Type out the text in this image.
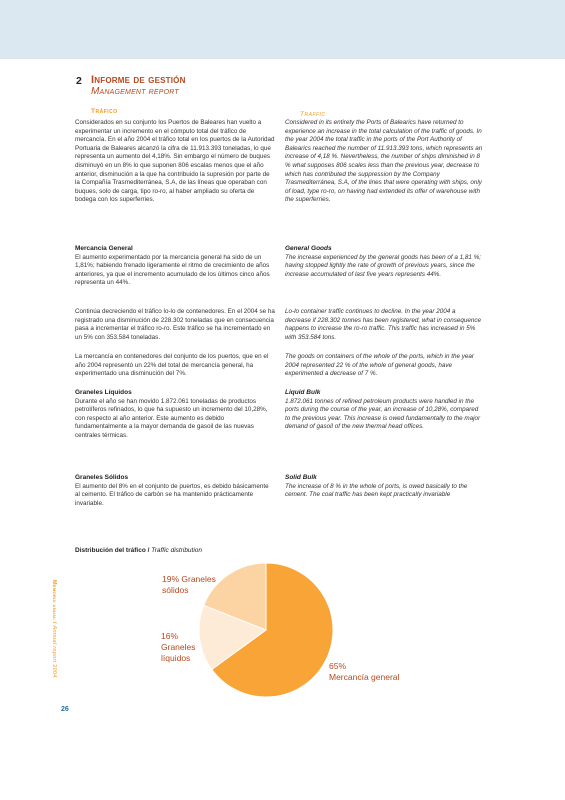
2 Informe de gestión
Management report
Tráfico	Traffic

Considerados en su conjunto los Puertos de Baleares han vuelto a experimentar un incremento en el cómputo total del tráfico de mercancía. En el año 2004 el tráfico total en los puertos de la Autoridad Portuaria de Baleares alcanzó la cifra de 11.913.393 toneladas, lo que representa un aumento del 4,18%. Sin embargo el número de buques disminuyó en un 8% lo que suponen 806 escalas menos que el año anterior, disminución a la que ha contribuido la supresión por parte de la Compañía Trasmediterránea, S.A, de las líneas que operaban con buques, solo de carga, tipo ro-ro, al haber ampliado su oferta de bodega con los superferries.

Mercancía General

El aumento experimentado por la mercancía general ha sido de un 1,81%; habiendo frenado ligeramente el ritmo de crecimiento de años anteriores, ya que el incremento acumulado de los últimos cinco años representa un 44%.

Continúa decreciendo el tráfico lo-lo de contenedores. En el 2004 se ha registrado una disminución de 228.302 toneladas que en consecuencia pasa a incrementar el tráfico ro-ro. Este tráfico se ha incrementado en un 5% con 353.584 toneladas.

La mercancía en contenedores del conjunto de los puertos, que en el año 2004 representó un 22% del total de mercancía general, ha experimentado una disminución del 7%.

Graneles Líquidos

Durante el año se han movido 1.872.061 toneladas de productos petrolíferos refinados, lo que ha supuesto un incremento del 10,28%, con respecto al año anterior. Este aumento es debido fundamentalmente a la mayor demanda de gasoil de las nuevas centrales térmicas.

Graneles Sólidos

El aumento del 8% en el conjunto de puertos, es debido básicamente al cemento. El tráfico de carbón se ha mantenido prácticamente invariable.

Considered in its entirety the Ports of Balearics have returned to experience an increase in the total calculation of the traffic of goods. In the year 2004 the total traffic in the ports of the Port Authority of Balearics reached the number of 11.913.393 tons, which represents an increase of 4,18 %. Nevertheless, the number of ships diminished in 8 % what supposes 806 scales less than the previous year, decrease to which has contributed the suppression by the Company Trasmediterránea, S.A, of the lines that were operating with ships, only of load, type ro-ro, on having had extended its offer of warehouse with the superferries.

General Goods

The increase experienced by the general goods has been of a 1,81 %; having stopped lightly the rate of growth of previous years, since the increase accumulated of last five years represents 44%.

Lo-lo container traffic continues to decline. In the year 2004 a decrease if 228.302 tonnes has been registered, what in consequence happens to increase the ro-ro traffic. This traffic has increased in 5% with 353.584 tons.

The goods on containers of the whole of the ports, which in the year 2004 represented 22 % of the whole of general goods, have experimented a decrease of 7 %.

Liquid Bulk

1.872.061 tonnes of refined petroleum products were handled in the ports during the course of the year, an increase of 10,28%, compared to the previous year. This increase is owed fundamentally to the major demand of gasoil of the new thermal head offices.

Solid Bulk

The increase of 8 % in the whole of ports, is owed basically to the cement. The coal traffic has been kept practically invariable

Distribución del tráfico / Traffic distribution
19% Graneles
sólidos
16%
Graneles líquidos
65%
Mercancía general
Memoria anual / Annual report 2004
26
